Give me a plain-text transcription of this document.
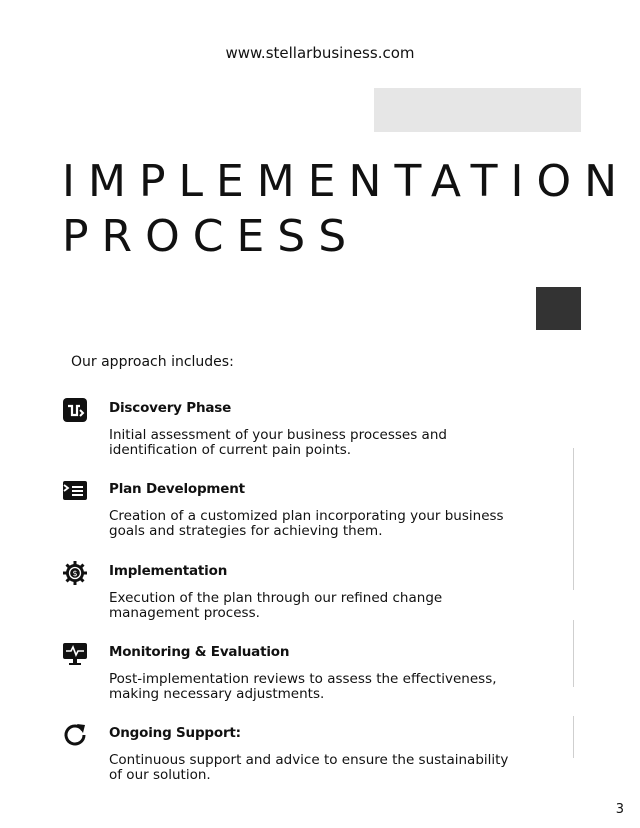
www.stellarbusiness.com
IMPLEMENTATION
PROCESS
Our approach includes:
Discovery Phase
Initial assessment of your business processes and identification of current pain points.
Plan Development
Creation of a customized plan incorporating your business goals and strategies for achieving them.
$ Implementation
Execution of the plan through our refined change management process.
Monitoring & Evaluation
Post-implementation reviews to assess the effectiveness, making necessary adjustments.
Ongoing Support:
Continuous support and advice to ensure the sustainability of our solution.
3
